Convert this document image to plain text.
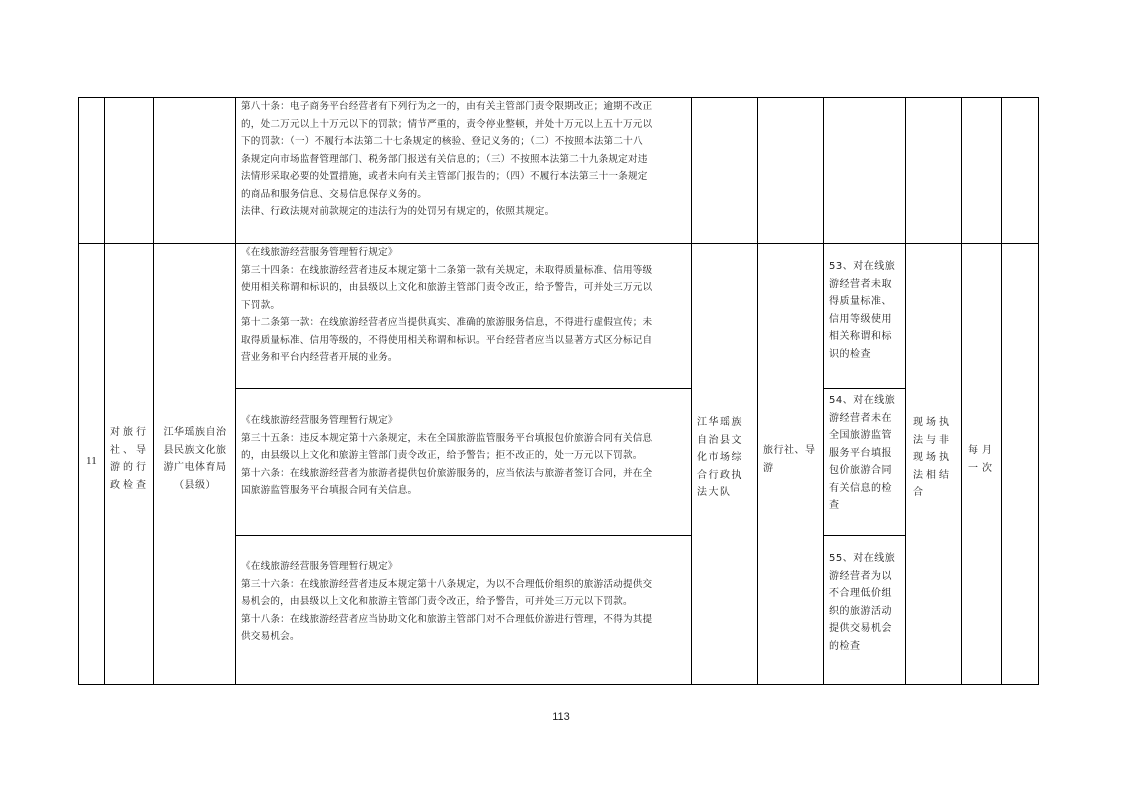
第八十条：电子商务平台经营者有下列行为之一的，由有关主管部门责令限期改正；逾期不改正
的，处二万元以上十万元以下的罚款；情节严重的，责令停业整顿，并处十万元以上五十万元以
下的罚款：（一）不履行本法第二十七条规定的核验、登记义务的；（二）不按照本法第二十八
条规定向市场监督管理部门、税务部门报送有关信息的；（三）不按照本法第二十九条规定对违
法情形采取必要的处置措施，或者未向有关主管部门报告的；（四）不履行本法第三十一条规定
的商品和服务信息、交易信息保存义务的。
法律、行政法规对前款规定的违法行为的处罚另有规定的，依照其规定。
11
对旅行
社、导
游的行
政检查
江华瑶族自治
县民族文化旅
游广电体育局
（县级）
《在线旅游经营服务管理暂行规定》
第三十四条：在线旅游经营者违反本规定第十二条第一款有关规定，未取得质量标准、信用等级
使用相关称谓和标识的，由县级以上文化和旅游主管部门责令改正，给予警告，可并处三万元以
下罚款。
第十二条第一款：在线旅游经营者应当提供真实、准确的旅游服务信息，不得进行虚假宣传；未
取得质量标准、信用等级的，不得使用相关称谓和标识。平台经营者应当以显著方式区分标记自
营业务和平台内经营者开展的业务。
《在线旅游经营服务管理暂行规定》
第三十五条：违反本规定第十六条规定，未在全国旅游监管服务平台填报包价旅游合同有关信息
的，由县级以上文化和旅游主管部门责令改正，给予警告；拒不改正的，处一万元以下罚款。
第十六条：在线旅游经营者为旅游者提供包价旅游服务的，应当依法与旅游者签订合同，并在全
国旅游监管服务平台填报合同有关信息。
《在线旅游经营服务管理暂行规定》
第三十六条：在线旅游经营者违反本规定第十八条规定，为以不合理低价组织的旅游活动提供交
易机会的，由县级以上文化和旅游主管部门责令改正，给予警告，可并处三万元以下罚款。
第十八条：在线旅游经营者应当协助文化和旅游主管部门对不合理低价游进行管理，不得为其提
供交易机会。
江华瑶族
自治县文
化市场综
合行政执
法大队
旅行社、导
游
53、对在线旅
游经营者未取
得质量标准、
信用等级使用
相关称谓和标
识的检查
54、对在线旅
游经营者未在
全国旅游监管
服务平台填报
包价旅游合同
有关信息的检
查
55、对在线旅
游经营者为以
不合理低价组
织的旅游活动
提供交易机会
的检查
现场执
法与非
现场执
法相结
合
每月
一次
113
